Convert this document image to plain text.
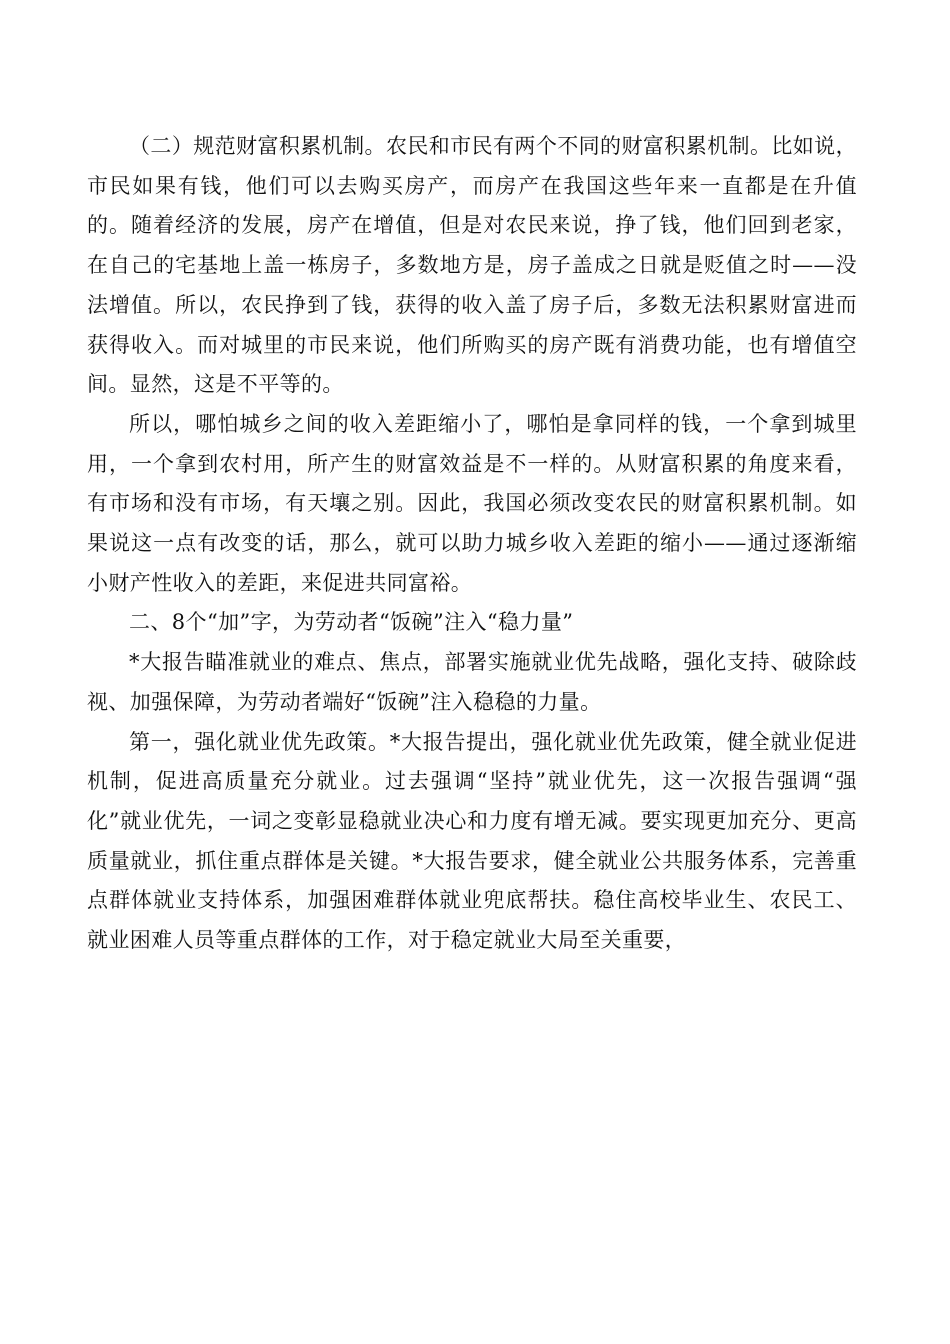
（二）规范财富积累机制。农民和市民有两个不同的财富积累机制。比如说，市民如果有钱，他们可以去购买房产，而房产在我国这些年来一直都是在升值的。随着经济的发展，房产在增值，但是对农民来说，挣了钱，他们回到老家，在自己的宅基地上盖一栋房子，多数地方是，房子盖成之日就是贬值之时——没法增值。所以，农民挣到了钱，获得的收入盖了房子后，多数无法积累财富进而获得收入。而对城里的市民来说，他们所购买的房产既有消费功能，也有增值空间。显然，这是不平等的。

所以，哪怕城乡之间的收入差距缩小了，哪怕是拿同样的钱，一个拿到城里用，一个拿到农村用，所产生的财富效益是不一样的。从财富积累的角度来看，有市场和没有市场，有天壤之别。因此，我国必须改变农民的财富积累机制。如果说这一点有改变的话，那么，就可以助力城乡收入差距的缩小——通过逐渐缩小财产性收入的差距，来促进共同富裕。

二、8个“加”字，为劳动者“饭碗”注入“稳力量”

*大报告瞄准就业的难点、焦点，部署实施就业优先战略，强化支持、破除歧视、加强保障，为劳动者端好“饭碗”注入稳稳的力量。

第一，强化就业优先政策。*大报告提出，强化就业优先政策，健全就业促进机制，促进高质量充分就业。过去强调“坚持”就业优先，这一次报告强调“强化”就业优先，一词之变彰显稳就业决心和力度有增无减。要实现更加充分、更高质量就业，抓住重点群体是关键。*大报告要求，健全就业公共服务体系，完善重点群体就业支持体系，加强困难群体就业兜底帮扶。稳住高校毕业生、农民工、就业困难人员等重点群体的工作，对于稳定就业大局至关重要，
